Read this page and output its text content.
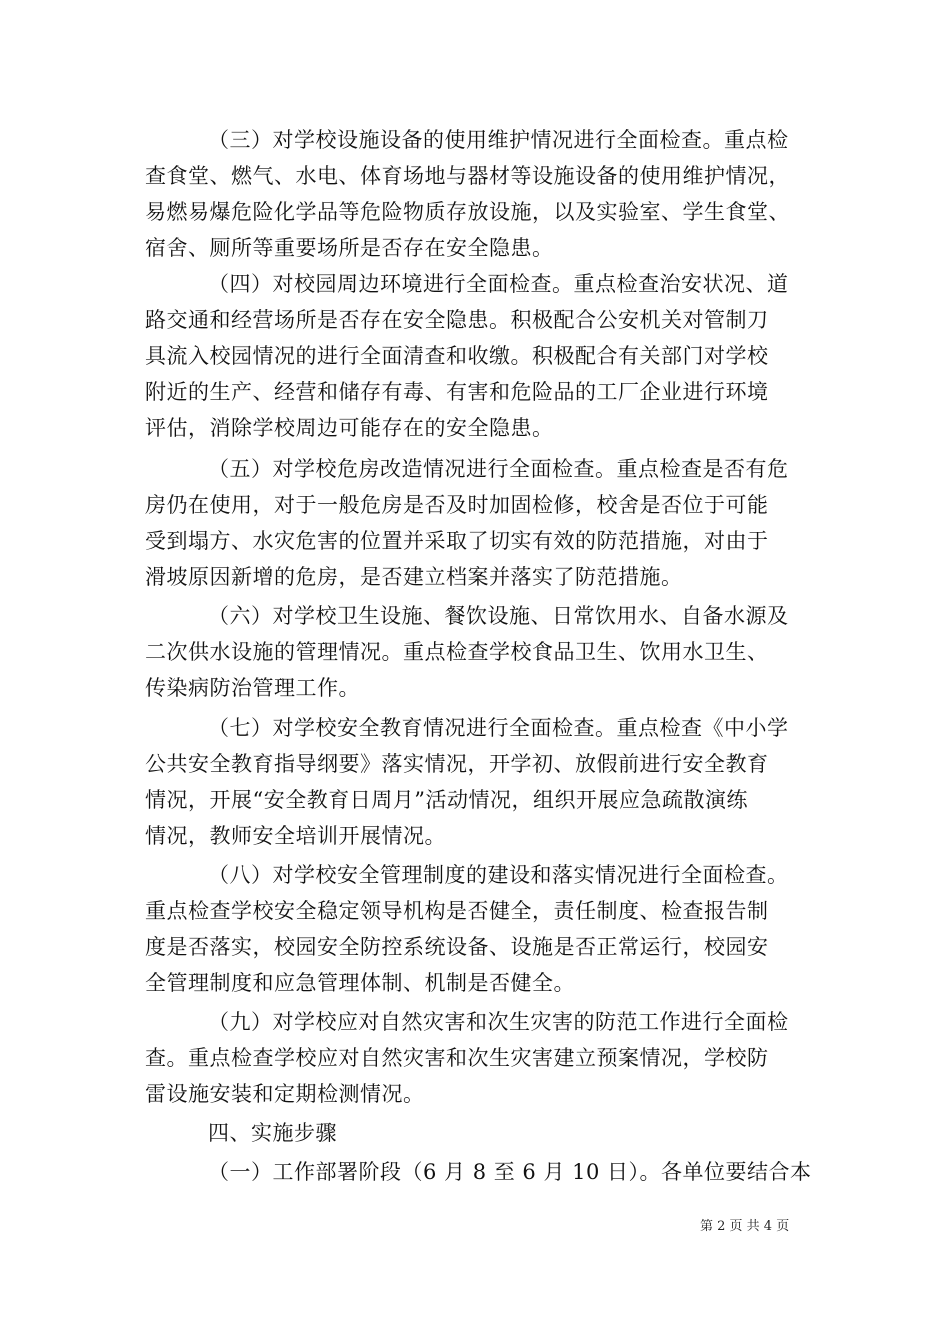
（三）对学校设施设备的使用维护情况进行全面检查。重点检
查食堂、燃气、水电、体育场地与器材等设施设备的使用维护情况，
易燃易爆危险化学品等危险物质存放设施，以及实验室、学生食堂、
宿舍、厕所等重要场所是否存在安全隐患。
（四）对校园周边环境进行全面检查。重点检查治安状况、道
路交通和经营场所是否存在安全隐患。积极配合公安机关对管制刀
具流入校园情况的进行全面清查和收缴。积极配合有关部门对学校
附近的生产、经营和储存有毒、有害和危险品的工厂企业进行环境
评估，消除学校周边可能存在的安全隐患。
（五）对学校危房改造情况进行全面检查。重点检查是否有危
房仍在使用，对于一般危房是否及时加固检修，校舍是否位于可能
受到塌方、水灾危害的位置并采取了切实有效的防范措施，对由于
滑坡原因新增的危房，是否建立档案并落实了防范措施。
（六）对学校卫生设施、餐饮设施、日常饮用水、自备水源及
二次供水设施的管理情况。重点检查学校食品卫生、饮用水卫生、
传染病防治管理工作。
（七）对学校安全教育情况进行全面检查。重点检查《中小学
公共安全教育指导纲要》落实情况，开学初、放假前进行安全教育
情况，开展“安全教育日周月”活动情况，组织开展应急疏散演练
情况，教师安全培训开展情况。
（八）对学校安全管理制度的建设和落实情况进行全面检查。
重点检查学校安全稳定领导机构是否健全，责任制度、检查报告制
度是否落实，校园安全防控系统设备、设施是否正常运行，校园安
全管理制度和应急管理体制、机制是否健全。
（九）对学校应对自然灾害和次生灾害的防范工作进行全面检
查。重点检查学校应对自然灾害和次生灾害建立预案情况，学校防
雷设施安装和定期检测情况。
四、实施步骤
（一）工作部署阶段（6 月 8 至 6 月 10 日）。各单位要结合本
第 2 页 共 4 页
